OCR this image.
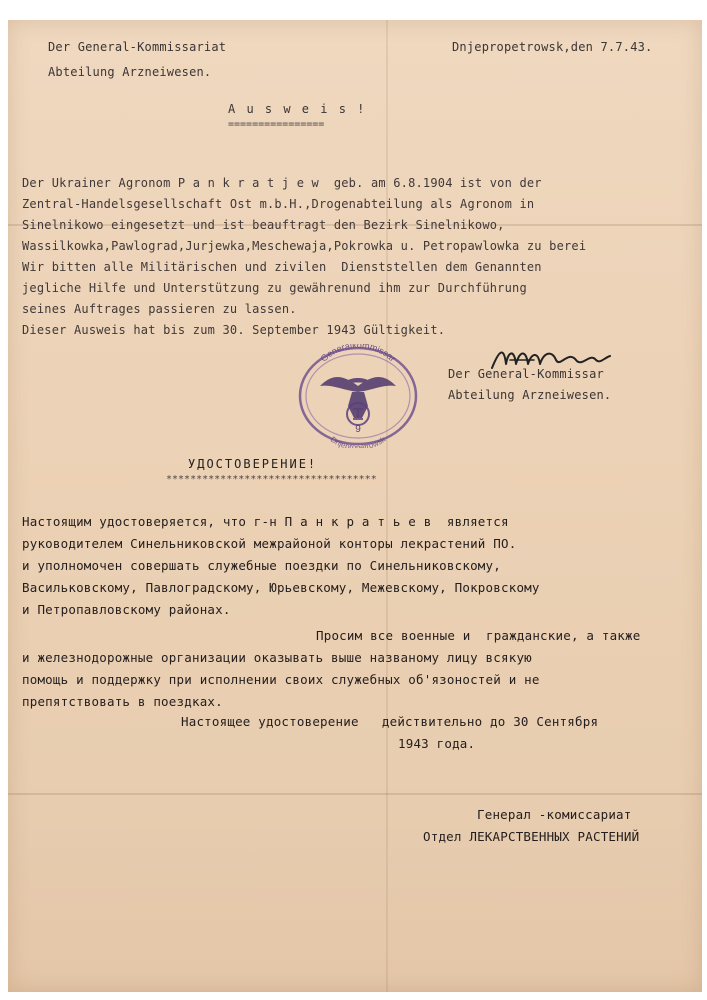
Der General-Kommissariat
Abteilung Arzneiwesen.
Dnjepropetrowsk,den 7.7.43.
A u s w e i s !
================
Der Ukrainer Agronom P a n k r a t j e w  geb. am 6.8.1904 ist von der
Zentral-Handelsgesellschaft Ost m.b.H.,Drogenabteilung als Agronom in
Sinelnikowo eingesetzt und ist beauftragt den Bezirk Sinelnikowo,
Wassilkowka,Pawlograd,Jurjewka,Meschewaja,Pokrowka u. Petropawlowka zu berei
Wir bitten alle Militärischen und zivilen  Dienststellen dem Genannten
jegliche Hilfe und Unterstützung zu gewährenund ihm zur Durchführung
seines Auftrages passieren zu lassen.
Dieser Ausweis hat bis zum 30. September 1943 Gültigkeit.
Der General-Kommissar
Abteilung Arzneiwesen.
Generalkommissar
Dnjepropetrowsk
9
УДОСТОВЕРЕНИЕ!
***********************************
Настоящим удостоверяется, что г-н П а н к р а т ь е в  является
руководителем Синельниковской межрайоной конторы лекрастений ПО.
и уполномочен совершать служебные поездки по Синельниковскому,
Васильковскому, Павлоградскому, Юрьевскому, Межевскому, Покровскому
и Петропавловскому районах.
Просим все военные и  гражданские, а также
и железнодорожные организации оказывать выше названому лицу всякую
помощь и поддержку при исполнении своих служебных об'язоностей и не
препятствовать в поездках.
Настоящее удостоверение   действительно до 30 Сентября
1943 года.
Генерал -комиссариат
Отдел ЛЕКАРСТВЕННЫХ РАСТЕНИЙ
